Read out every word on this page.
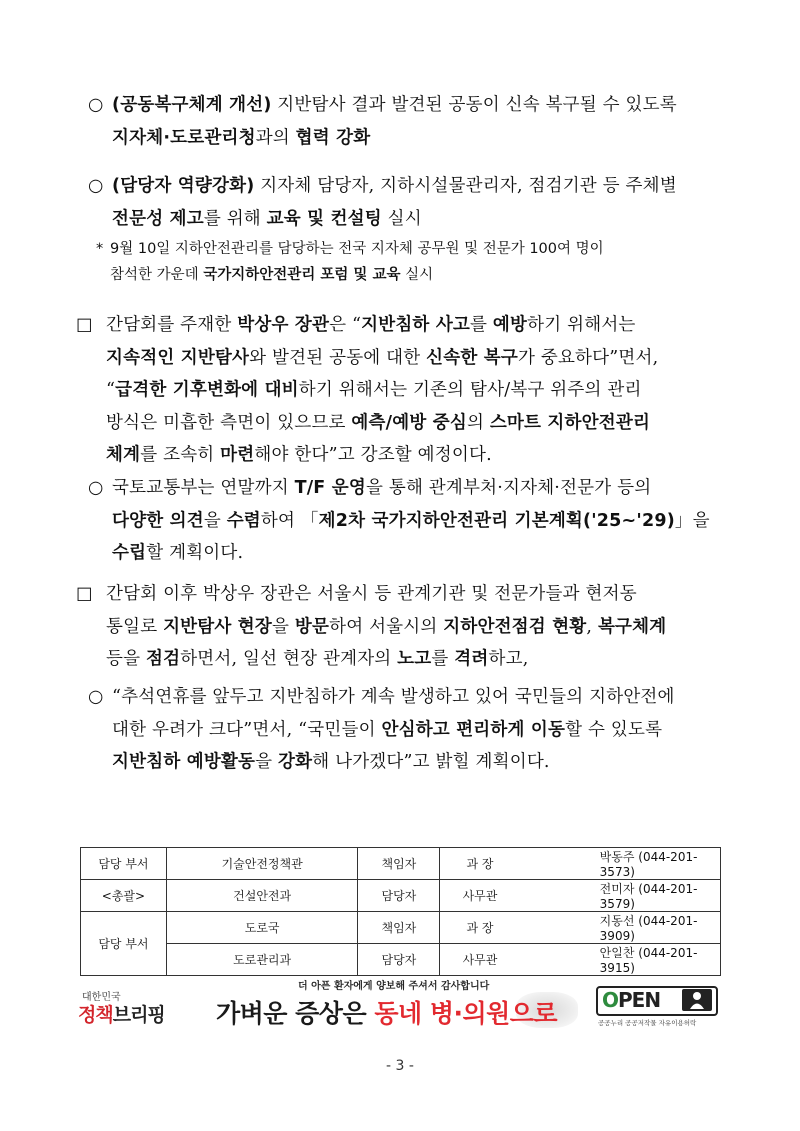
○ (공동복구체계 개선) 지반탐사 결과 발견된 공동이 신속 복구될 수 있도록
지자체·도로관리청과의 협력 강화
○ (담당자 역량강화) 지자체 담당자, 지하시설물관리자, 점검기관 등 주체별
전문성 제고를 위해 교육 및 컨설팅 실시
* 9월 10일 지하안전관리를 담당하는 전국 지자체 공무원 및 전문가 100여 명이
참석한 가운데 국가지하안전관리 포럼 및 교육 실시
□ 간담회를 주재한 박상우 장관은 “지반침하 사고를 예방하기 위해서는
지속적인 지반탐사와 발견된 공동에 대한 신속한 복구가 중요하다”면서,
“급격한 기후변화에 대비하기 위해서는 기존의 탐사/복구 위주의 관리
방식은 미흡한 측면이 있으므로 예측/예방 중심의 스마트 지하안전관리
체계를 조속히 마련해야 한다”고 강조할 예정이다.
○ 국토교통부는 연말까지 T/F 운영을 통해 관계부처·지자체·전문가 등의
다양한 의견을 수렴하여 「제2차 국가지하안전관리 기본계획('25~'29)」을
수립할 계획이다.
□ 간담회 이후 박상우 장관은 서울시 등 관계기관 및 전문가들과 현저동
통일로 지반탐사 현장을 방문하여 서울시의 지하안전점검 현황, 복구체계
등을 점검하면서, 일선 현장 관계자의 노고를 격려하고,
○ “추석연휴를 앞두고 지반침하가 계속 발생하고 있어 국민들의 지하안전에
대한 우려가 크다”면서, “국민들이 안심하고 편리하게 이동할 수 있도록
지반침하 예방활동을 강화해 나가겠다”고 밝힐 계획이다.
담당 부서	기술안전정책관	책임자	과 장	박동주 (044-201-3573)
<총괄>	건설안전과	담당자	사무관	전미자 (044-201-3579)
담당 부서	도로국	책임자	과 장	지동선 (044-201-3909)
	도로관리과	담당자	사무관	안일찬 (044-201-3915)
대한민국
정책브리핑
더 아픈 환자에게 양보해 주셔서 감사합니다
가벼운 증상은 동네 병·의원으로 OPEN
공공누리 공공저작물 자유이용허락
- 3 -
